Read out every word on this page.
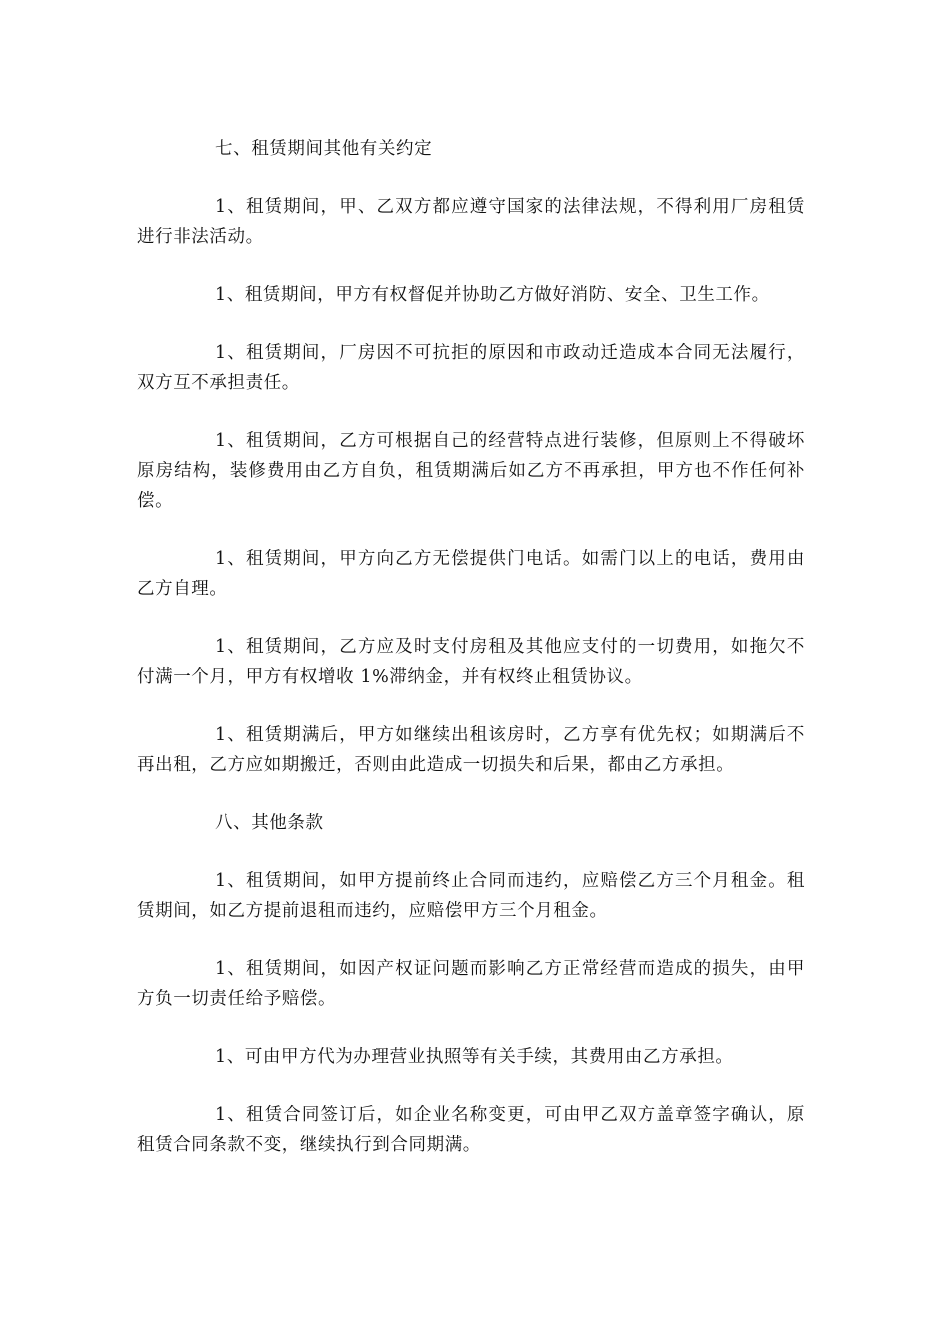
七、租赁期间其他有关约定

1、租赁期间，甲、乙双方都应遵守国家的法律法规，不得利用厂房租赁进行非法活动。

1、租赁期间，甲方有权督促并协助乙方做好消防、安全、卫生工作。

1、租赁期间，厂房因不可抗拒的原因和市政动迁造成本合同无法履行，双方互不承担责任。

1、租赁期间，乙方可根据自己的经营特点进行装修，但原则上不得破坏原房结构，装修费用由乙方自负，租赁期满后如乙方不再承担，甲方也不作任何补偿。

1、租赁期间，甲方向乙方无偿提供门电话。如需门以上的电话，费用由乙方自理。

1、租赁期间，乙方应及时支付房租及其他应支付的一切费用，如拖欠不付满一个月，甲方有权增收 1%滞纳金，并有权终止租赁协议。

1、租赁期满后，甲方如继续出租该房时，乙方享有优先权；如期满后不再出租，乙方应如期搬迁，否则由此造成一切损失和后果，都由乙方承担。

八、其他条款

1、租赁期间，如甲方提前终止合同而违约，应赔偿乙方三个月租金。租赁期间，如乙方提前退租而违约，应赔偿甲方三个月租金。

1、租赁期间，如因产权证问题而影响乙方正常经营而造成的损失，由甲方负一切责任给予赔偿。

1、可由甲方代为办理营业执照等有关手续，其费用由乙方承担。

1、租赁合同签订后，如企业名称变更，可由甲乙双方盖章签字确认，原租赁合同条款不变，继续执行到合同期满。
